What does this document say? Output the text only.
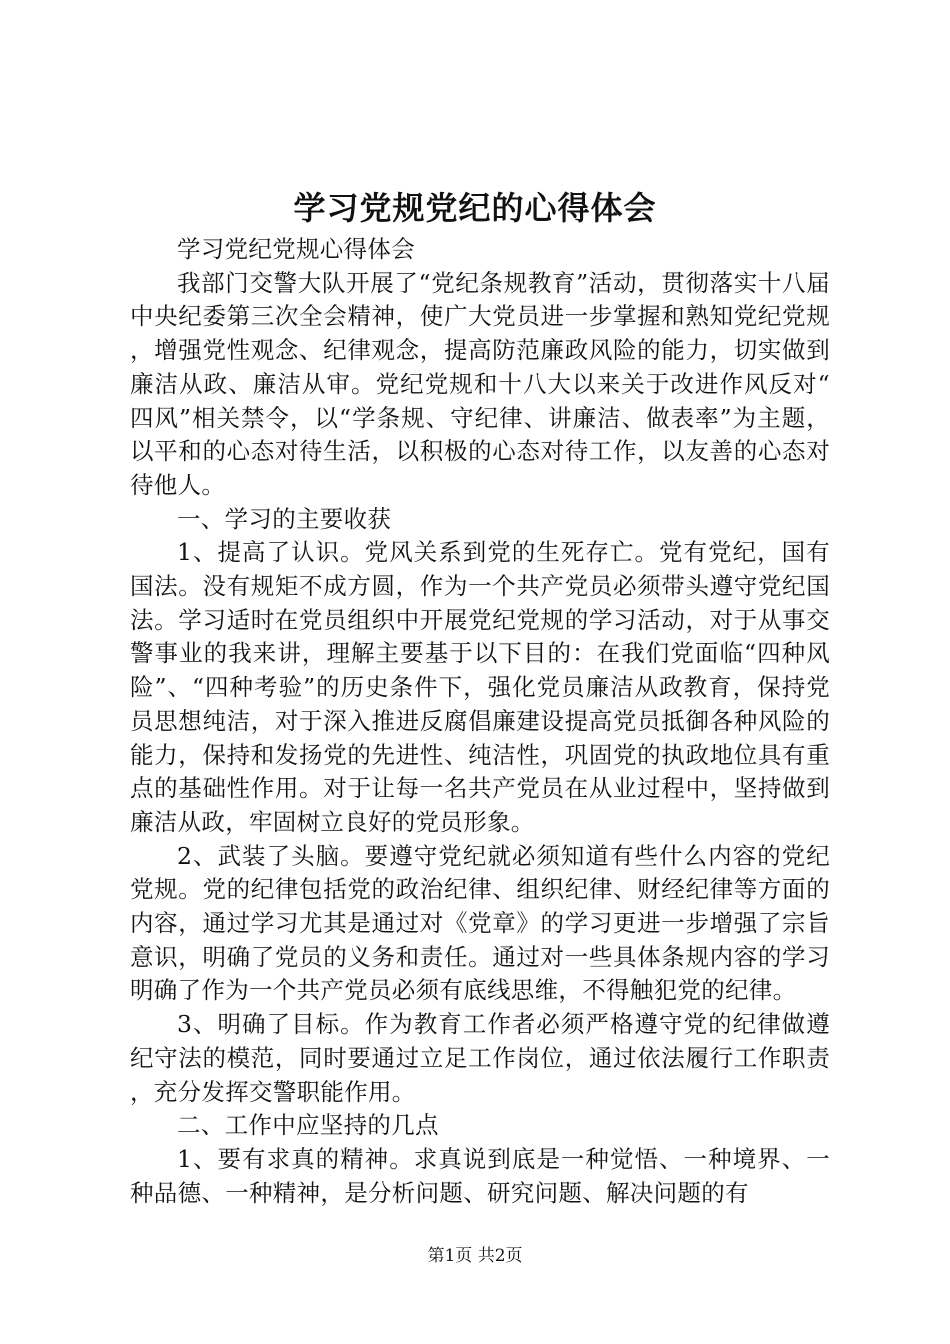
学习党规党纪的心得体会

学习党纪党规心得体会

我部门交警大队开展了“党纪条规教育”活动，贯彻落实十八届中央纪委第三次全会精神，使广大党员进一步掌握和熟知党纪党规，增强党性观念、纪律观念，提高防范廉政风险的能力，切实做到廉洁从政、廉洁从审。党纪党规和十八大以来关于改进作风反对“四风”相关禁令，以“学条规、守纪律、讲廉洁、做表率”为主题，以平和的心态对待生活，以积极的心态对待工作，以友善的心态对待他人。

一、学习的主要收获

1、提高了认识。党风关系到党的生死存亡。党有党纪，国有国法。没有规矩不成方圆，作为一个共产党员必须带头遵守党纪国法。学习适时在党员组织中开展党纪党规的学习活动，对于从事交警事业的我来讲，理解主要基于以下目的：在我们党面临“四种风险”、“四种考验”的历史条件下，强化党员廉洁从政教育，保持党员思想纯洁，对于深入推进反腐倡廉建设提高党员抵御各种风险的能力，保持和发扬党的先进性、纯洁性，巩固党的执政地位具有重点的基础性作用。对于让每一名共产党员在从业过程中，坚持做到廉洁从政，牢固树立良好的党员形象。

2、武装了头脑。要遵守党纪就必须知道有些什么内容的党纪党规。党的纪律包括党的政治纪律、组织纪律、财经纪律等方面的内容，通过学习尤其是通过对《党章》的学习更进一步增强了宗旨意识，明确了党员的义务和责任。通过对一些具体条规内容的学习明确了作为一个共产党员必须有底线思维，不得触犯党的纪律。

3、明确了目标。作为教育工作者必须严格遵守党的纪律做遵纪守法的模范，同时要通过立足工作岗位，通过依法履行工作职责，充分发挥交警职能作用。

二、工作中应坚持的几点

1、要有求真的精神。求真说到底是一种觉悟、一种境界、一种品德、一种精神，是分析问题、研究问题、解决问题的有

第1页 共2页
